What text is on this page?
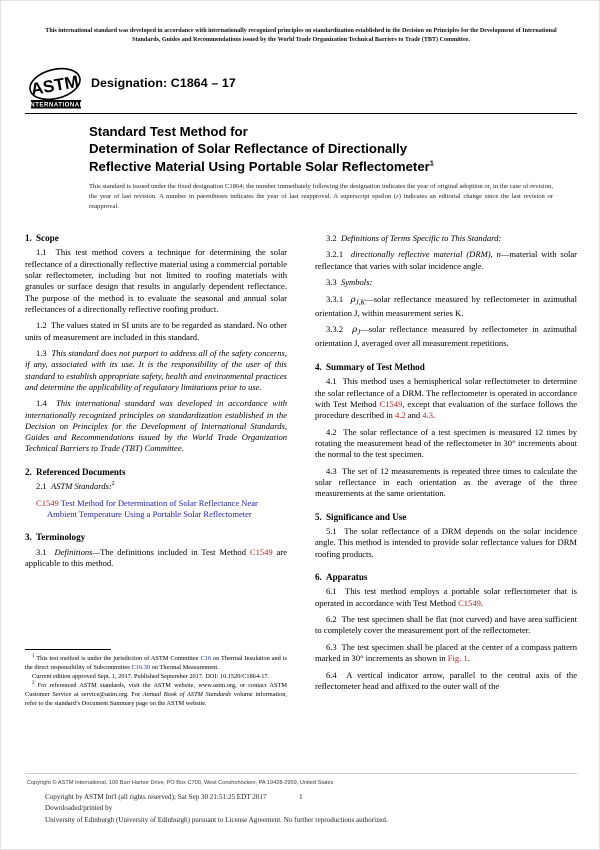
This international standard was developed in accordance with internationally recognized principles on standardization established in the Decision on Principles for the Development of International Standards, Guides and Recommendations issued by the World Trade Organization Technical Barriers to Trade (TBT) Committee.
ASTM
INTERNATIONAL
Designation: C1864 – 17
Standard Test Method for
Determination of Solar Reflectance of Directionally
Reflective Material Using Portable Solar Reflectometer$^1$
This standard is issued under the fixed designation C1864; the number immediately following the designation indicates the year of original adoption or, in the case of revision, the year of last revision. A number in parentheses indicates the year of last reapproval. A superscript epsilon (ε) indicates an editorial change since the last revision or reapproval.
1. Scope

1.1 This test method covers a technique for determining the solar reflectance of a directionally reflective material using a commercial portable solar reflectometer, including but not limited to roofing materials with granules or surface design that results in angularly dependent reflectance. The purpose of the method is to evaluate the seasonal and annual solar reflectances of a directionally reflective roofing product.

1.2 The values stated in SI units are to be regarded as standard. No other units of measurement are included in this standard.

1.3 This standard does not purport to address all of the safety concerns, if any, associated with its use. It is the responsibility of the user of this standard to establish appropriate safety, health and environmental practices and determine the applicability of regulatory limitations prior to use.

1.4 This international standard was developed in accordance with internationally recognized principles on standardization established in the Decision on Principles for the Development of International Standards, Guides and Recommendations issued by the World Trade Organization Technical Barriers to Trade (TBT) Committee.

2. Referenced Documents

2.1 ASTM Standards:$^2$

C1549 Test Method for Determination of Solar Reflectance Near Ambient Temperature Using a Portable Solar Reflectometer

3. Terminology

3.1 Definitions—The definitions included in Test Method C1549 are applicable to this method.

3.2 Definitions of Terms Specific to This Standard:

3.2.1 directionally reflective material (DRM), n—material with solar reflectance that varies with solar incidence angle.

3.3 Symbols:

3.3.1 $\rho_{J,K}—solar$ reflectance measured by reflectometer in azimuthal orientation J, within measurement series K.

3.3.2 $\rho_J—solar$ reflectance measured by reflectometer in azimuthal orientation J, averaged over all measurement repetitions.

4. Summary of Test Method

4.1 This method uses a hemispherical solar reflectometer to determine the solar reflectance of a DRM. The reflectometer is operated in accordance with Test Method C1549, except that evaluation of the surface follows the procedure described in 4.2 and 4.3.

4.2 The solar reflectance of a test specimen is measured 12 times by rotating the measurement head of the reflectometer in 30° increments about the normal to the test specimen.

4.3 The set of 12 measurements is repeated three times to calculate the solar reflectance in each orientation as the average of the three measurements at the same orientation.

5. Significance and Use

5.1 The solar reflectance of a DRM depends on the solar incidence angle. This method is intended to provide solar reflectance values for DRM roofing products.

6. Apparatus

6.1 This test method employs a portable solar reflectometer that is operated in accordance with Test Method C1549.

6.2 The test specimen shall be flat (not curved) and have area sufficient to completely cover the measurement port of the reflectometer.

6.3 The test specimen shall be placed at the center of a compass pattern marked in 30° increments as shown in Fig. 1.

6.4 A vertical indicator arrow, parallel to the central axis of the reflectometer head and affixed to the outer wall of the

$^1$ This test method is under the jurisdiction of ASTM Committee C16 on Thermal Insulation and is the direct responsibility of Subcommittee C16.30 on Thermal Measurement.

Current edition approved Sept. 1, 2017. Published September 2017. DOI: 10.1520/C1864-17.

$^2$ For referenced ASTM standards, visit the ASTM website, www.astm.org, or contact ASTM Customer Service at service@astm.org. For Annual Book of ASTM Standards volume information, refer to the standard’s Document Summary page on the ASTM website.

Copyright © ASTM International, 100 Barr Harbor Drive, PO Box C700, West Conshohocken, PA 19428-2959, United States
Copyright by ASTM Int'l (all rights reserved); Sat Sep 30 21:51:25 EDT 2017
Downloaded/printed by
University of Edinburgh (University of Edinburgh) pursuant to License Agreement. No further reproductions authorized.
1
